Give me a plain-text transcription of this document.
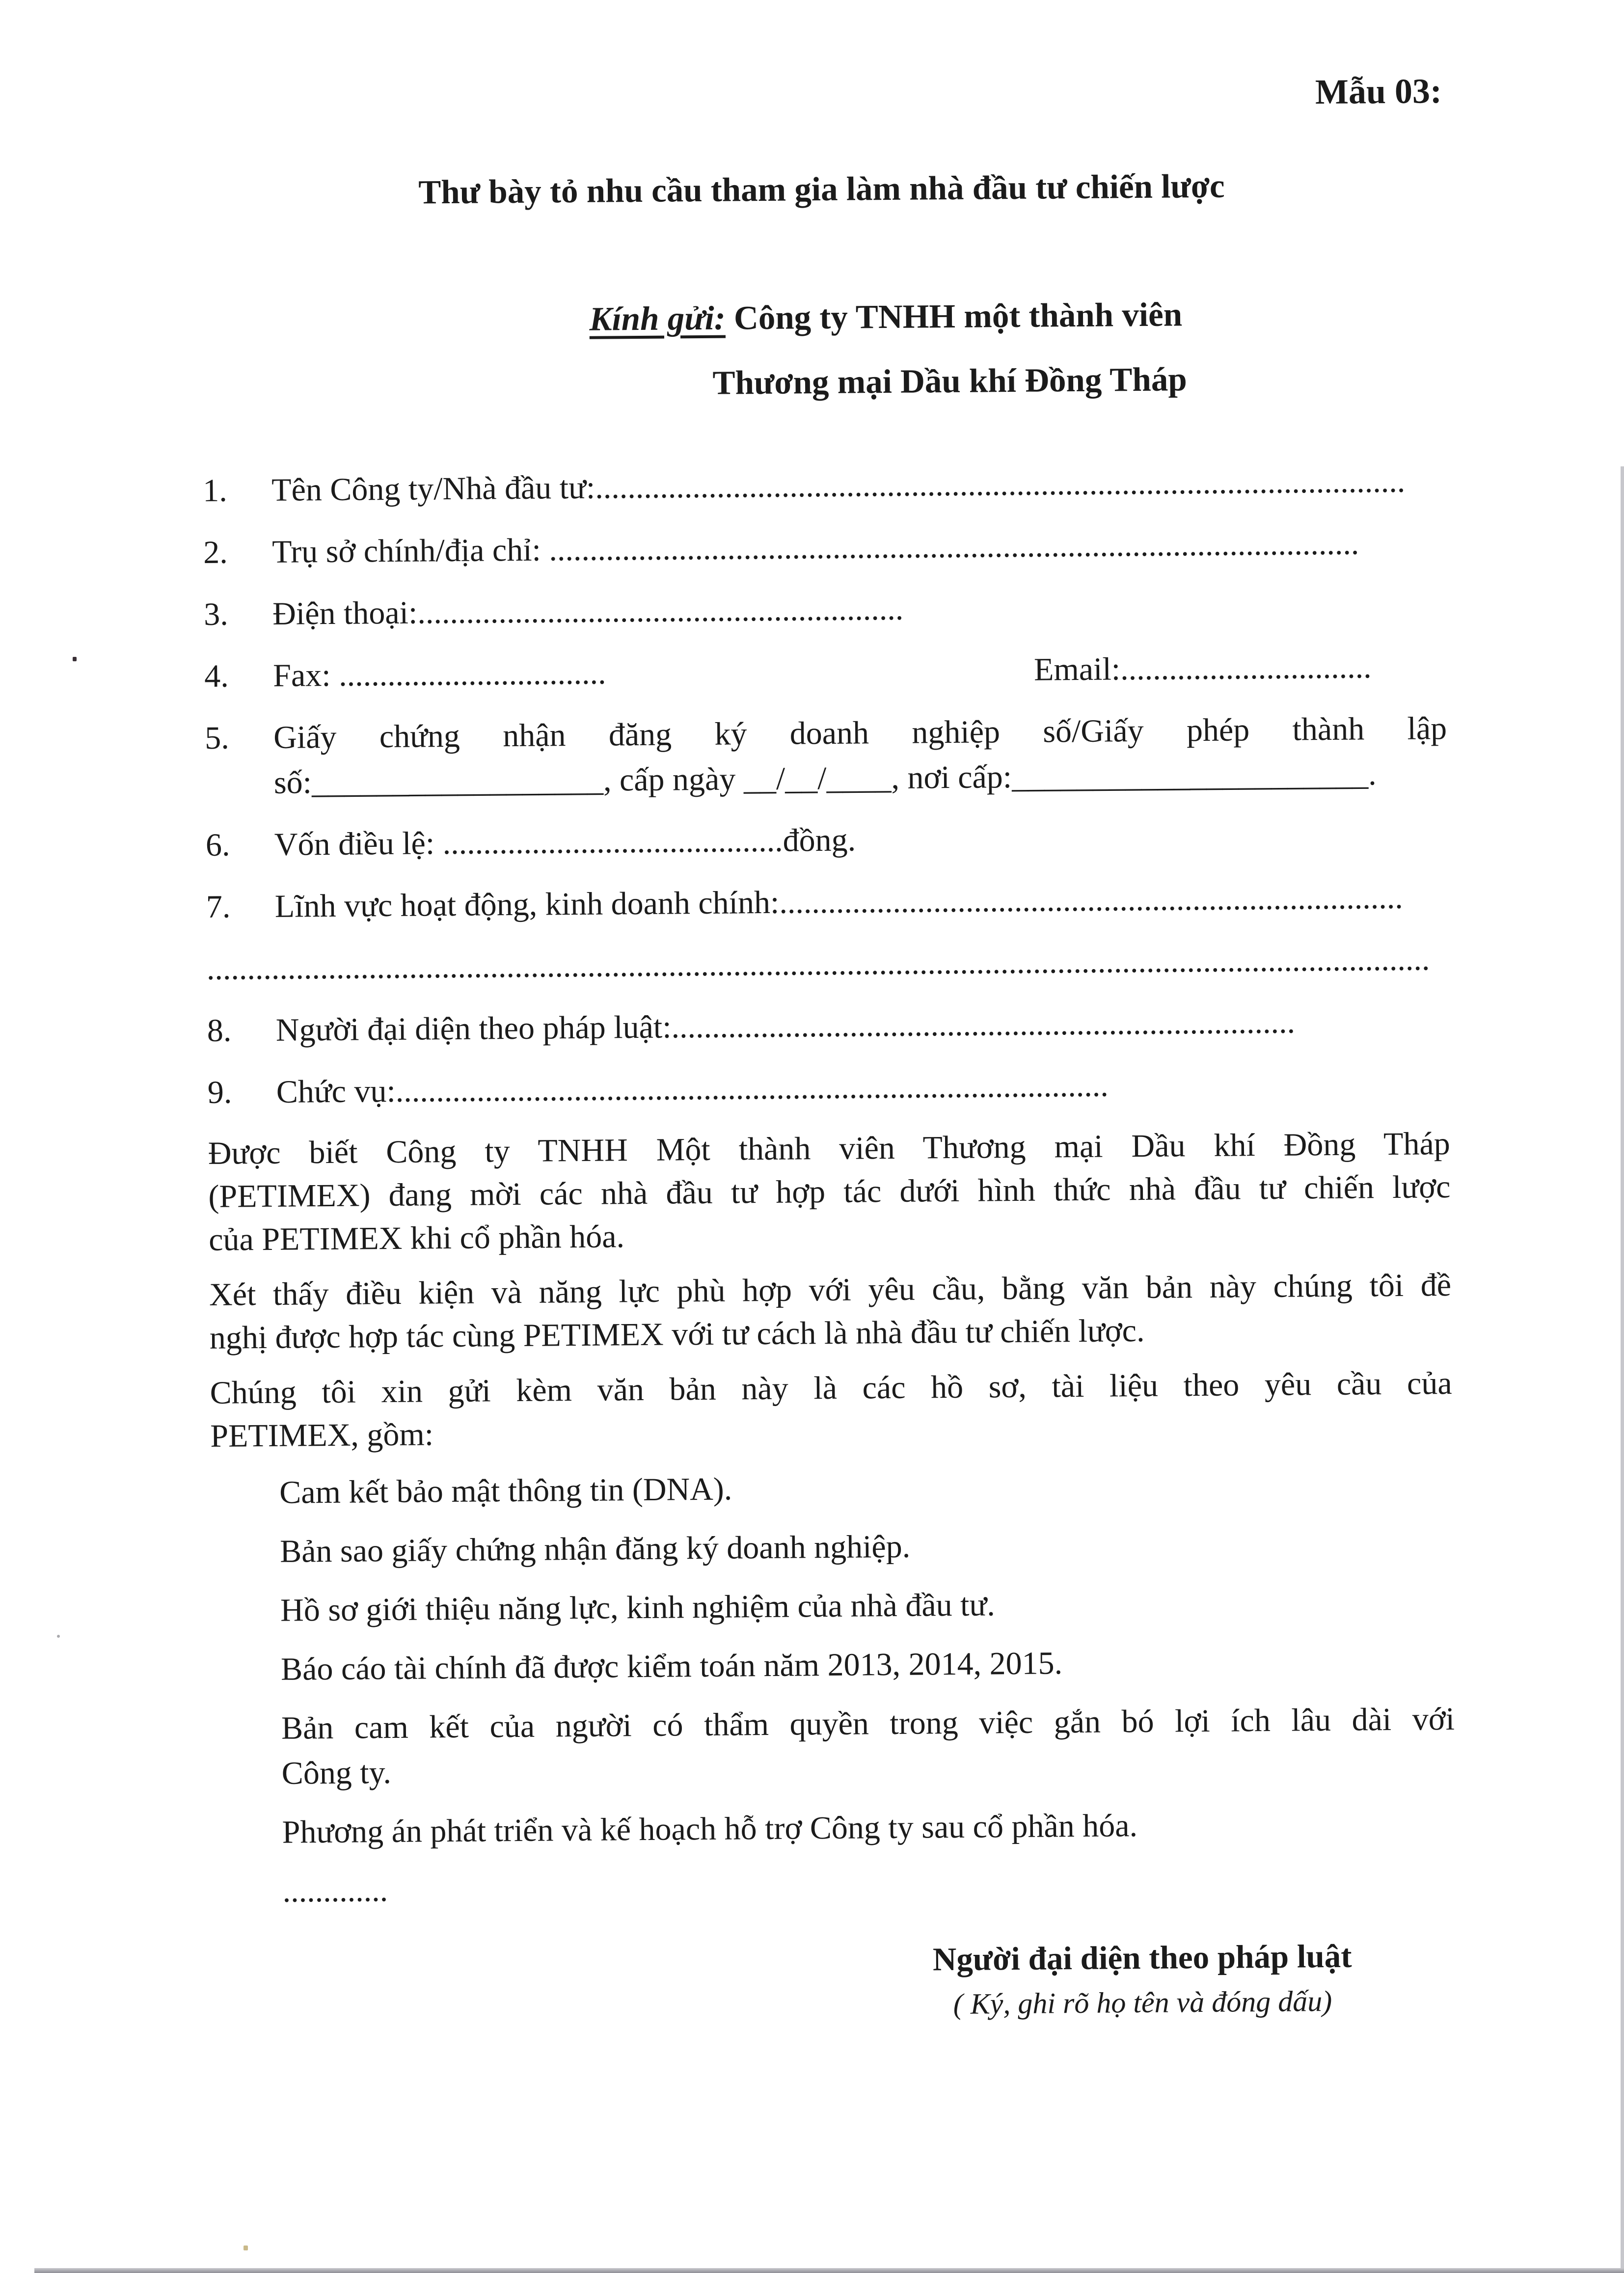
Mẫu 03:
Thư bày tỏ nhu cầu tham gia làm nhà đầu tư chiến lược
Kính gửi: Công ty TNHH một thành viên
Thương mại Dầu khí Đồng Tháp
1.	Tên Công ty/Nhà đầu tư:....................................................................................................
2.	Trụ sở chính/địa chỉ: ....................................................................................................
3.	Điện thoại:............................................................
4.	Fax: .................................	Email:...............................
5.	Giấy chứng nhận đăng ký doanh nghiệp số/Giấy phép thành lập
số:__________________, cấp ngày __/__/____, nơi cấp:______________________.
6.	Vốn điều lệ: ..........................................đồng.
7.	Lĩnh vực hoạt động, kinh doanh chính:.............................................................................
.......................................................................................................................................................
8.	Người đại diện theo pháp luật:.............................................................................
9.	Chức vụ:........................................................................................
Được biết Công ty TNHH Một thành viên Thương mại Dầu khí Đồng Tháp
(PETIMEX) đang mời các nhà đầu tư hợp tác dưới hình thức nhà đầu tư chiến lược
của PETIMEX khi cổ phần hóa.
Xét thấy điều kiện và năng lực phù hợp với yêu cầu, bằng văn bản này chúng tôi đề
nghị được hợp tác cùng PETIMEX với tư cách là nhà đầu tư chiến lược.
Chúng tôi xin gửi kèm văn bản này là các hồ sơ, tài liệu theo yêu cầu của
PETIMEX, gồm:
Cam kết bảo mật thông tin (DNA).
Bản sao giấy chứng nhận đăng ký doanh nghiệp.
Hồ sơ giới thiệu năng lực, kinh nghiệm của nhà đầu tư.
Báo cáo tài chính đã được kiểm toán năm 2013, 2014, 2015.
Bản cam kết của người có thẩm quyền trong việc gắn bó lợi ích lâu dài với
Công ty.
Phương án phát triển và kế hoạch hỗ trợ Công ty sau cổ phần hóa.
.............
Người đại diện theo pháp luật
( Ký, ghi rõ họ tên và đóng dấu)
